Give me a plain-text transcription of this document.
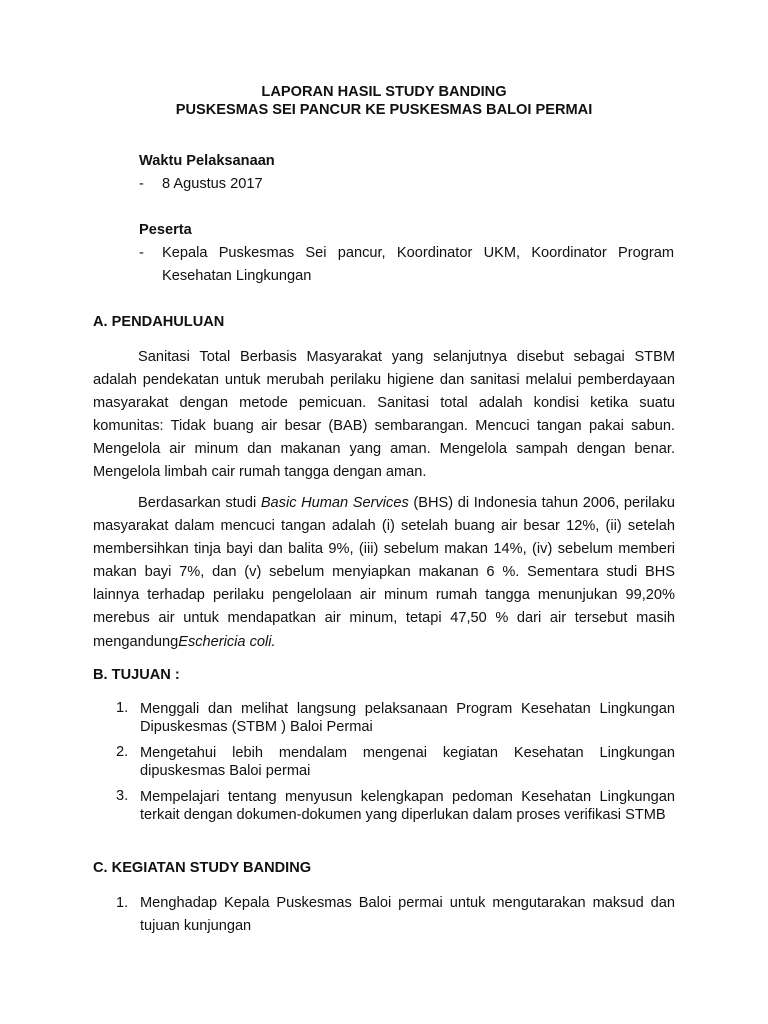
LAPORAN HASIL STUDY BANDING
PUSKESMAS SEI PANCUR KE PUSKESMAS BALOI PERMAI
Waktu Pelaksanaan
- 8 Agustus 2017
Peserta
- Kepala Puskesmas Sei pancur, Koordinator UKM, Koordinator Program
Kesehatan Lingkungan
A. PENDAHULUAN
Sanitasi Total Berbasis Masyarakat yang selanjutnya disebut sebagai STBM adalah pendekatan untuk merubah perilaku higiene dan sanitasi melalui pemberdayaan masyarakat dengan metode pemicuan. Sanitasi total adalah kondisi ketika suatu komunitas: Tidak buang air besar (BAB) sembarangan. Mencuci tangan pakai sabun. Mengelola air minum dan makanan yang aman. Mengelola sampah dengan benar. Mengelola limbah cair rumah tangga dengan aman.
Berdasarkan studi Basic Human Services (BHS) di Indonesia tahun 2006, perilaku masyarakat dalam mencuci tangan adalah (i) setelah buang air besar 12%, (ii) setelah membersihkan tinja bayi dan balita 9%, (iii) sebelum makan 14%, (iv) sebelum memberi makan bayi 7%, dan (v) sebelum menyiapkan makanan 6 %. Sementara studi BHS lainnya terhadap perilaku pengelolaan air minum rumah tangga menunjukan 99,20% merebus air untuk mendapatkan air minum, tetapi 47,50 % dari air tersebut masih mengandungEschericia coli.
B. TUJUAN :
1. Menggali dan melihat langsung pelaksanaan Program Kesehatan Lingkungan Dipuskesmas (STBM ) Baloi Permai
2. Mengetahui lebih mendalam mengenai kegiatan Kesehatan Lingkungan dipuskesmas Baloi permai
3. Mempelajari tentang menyusun kelengkapan pedoman Kesehatan Lingkungan terkait dengan dokumen-dokumen yang diperlukan dalam proses verifikasi STMB
C. KEGIATAN STUDY BANDING
1. Menghadap Kepala Puskesmas Baloi permai untuk mengutarakan maksud dan tujuan kunjungan
